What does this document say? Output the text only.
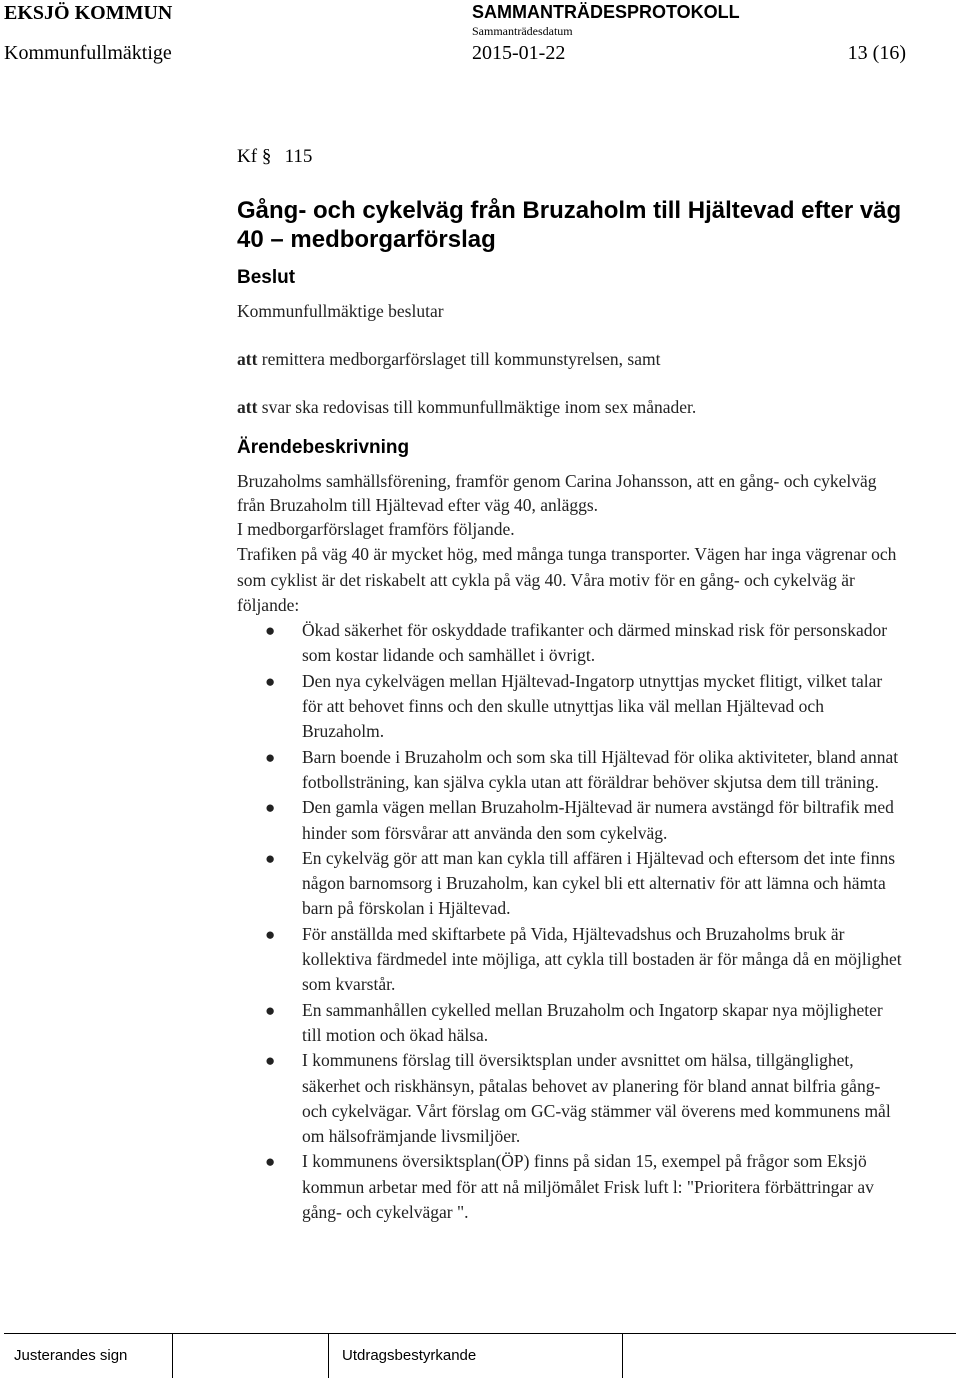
EKSJÖ KOMMUN	SAMMANTRÄDESPROTOKOLL
Sammanträdesdatum
Kommunfullmäktige	2015-01-22	13 (16)
Kf § 115
Gång- och cykelväg från Bruzaholm till Hjältevad efter väg 40 – medborgarförslag
Beslut
Kommunfullmäktige beslutar
att remittera medborgarförslaget till kommunstyrelsen, samt
att svar ska redovisas till kommunfullmäktige inom sex månader.
Ärendebeskrivning
Bruzaholms samhällsförening, framför genom Carina Johansson, att en gång- och cykelväg från Bruzaholm till Hjältevad efter väg 40, anläggs.
I medborgarförslaget framförs följande.
Trafiken på väg 40 är mycket hög, med många tunga transporter. Vägen har inga vägrenar och som cyklist är det riskabelt att cykla på väg 40. Våra motiv för en gång- och cykelväg är följande:
● Ökad säkerhet för oskyddade trafikanter och därmed minskad risk för personskador som kostar lidande och samhället i övrigt.
● Den nya cykelvägen mellan Hjältevad-Ingatorp utnyttjas mycket flitigt, vilket talar för att behovet finns och den skulle utnyttjas lika väl mellan Hjältevad och Bruzaholm.
● Barn boende i Bruzaholm och som ska till Hjältevad för olika aktiviteter, bland annat fotbollsträning, kan själva cykla utan att föräldrar behöver skjutsa dem till träning.
● Den gamla vägen mellan Bruzaholm-Hjältevad är numera avstängd för biltrafik med hinder som försvårar att använda den som cykelväg.
● En cykelväg gör att man kan cykla till affären i Hjältevad och eftersom det inte finns någon barnomsorg i Bruzaholm, kan cykel bli ett alternativ för att lämna och hämta barn på förskolan i Hjältevad.
● För anställda med skiftarbete på Vida, Hjältevadshus och Bruzaholms bruk är kollektiva färdmedel inte möjliga, att cykla till bostaden är för många då en möjlighet som kvarstår.
● En sammanhållen cykelled mellan Bruzaholm och Ingatorp skapar nya möjligheter till motion och ökad hälsa.
● I kommunens förslag till översiktsplan under avsnittet om hälsa, tillgänglighet, säkerhet och riskhänsyn, påtalas behovet av planering för bland annat bilfria gång- och cykelvägar. Vårt förslag om GC-väg stämmer väl överens med kommunens mål om hälsofrämjande livsmiljöer.
● I kommunens översiktsplan(ÖP) finns på sidan 15, exempel på frågor som Eksjö kommun arbetar med för att nå miljömålet Frisk luft l: "Prioritera förbättringar av gång- och cykelvägar ".
Justerandes sign	Utdragsbestyrkande
